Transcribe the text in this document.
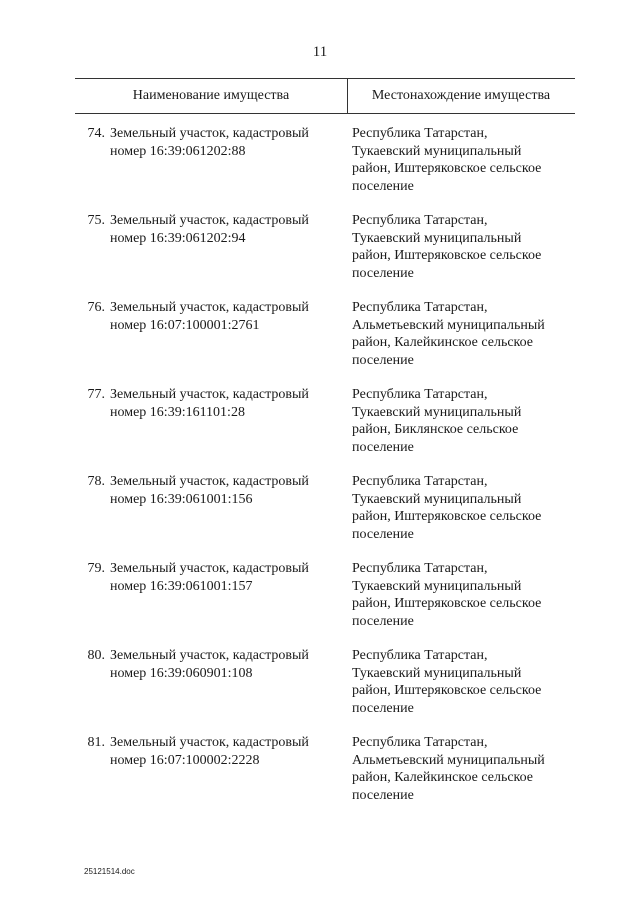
11
Наименование имущества	Местонахождение имущества
74. Земельный участок, кадастровый
номер 16:39:061202:88
Республика Татарстан,
Тукаевский муниципальный
район, Иштеряковское сельское
поселение
75. Земельный участок, кадастровый
номер 16:39:061202:94
Республика Татарстан,
Тукаевский муниципальный
район, Иштеряковское сельское
поселение
76. Земельный участок, кадастровый
номер 16:07:100001:2761
Республика Татарстан,
Альметьевский муниципальный
район, Калейкинское сельское
поселение
77. Земельный участок, кадастровый
номер 16:39:161101:28
Республика Татарстан,
Тукаевский муниципальный
район, Биклянское сельское
поселение
78. Земельный участок, кадастровый
номер 16:39:061001:156
Республика Татарстан,
Тукаевский муниципальный
район, Иштеряковское сельское
поселение
79. Земельный участок, кадастровый
номер 16:39:061001:157
Республика Татарстан,
Тукаевский муниципальный
район, Иштеряковское сельское
поселение
80. Земельный участок, кадастровый
номер 16:39:060901:108
Республика Татарстан,
Тукаевский муниципальный
район, Иштеряковское сельское
поселение
81. Земельный участок, кадастровый
номер 16:07:100002:2228
Республика Татарстан,
Альметьевский муниципальный
район, Калейкинское сельское
поселение
25121514.doc
